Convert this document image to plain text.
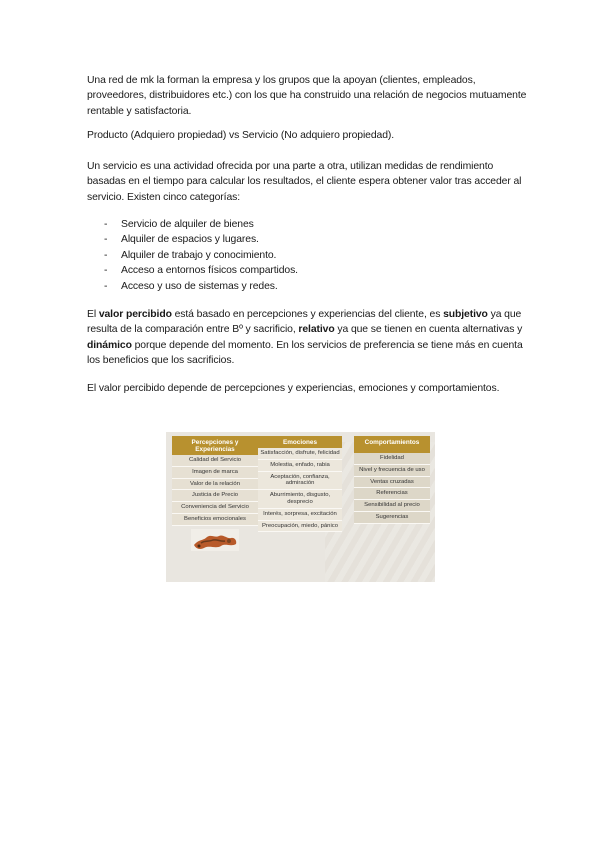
Una red de mk la forman la empresa y los grupos que la apoyan (clientes, empleados, proveedores, distribuidores etc.) con los que ha construido una relación de negocios mutuamente rentable y satisfactoria.

Producto (Adquiero propiedad) vs Servicio (No adquiero propiedad).

Un servicio es una actividad ofrecida por una parte a otra, utilizan medidas de rendimiento basadas en el tiempo para calcular los resultados, el cliente espera obtener valor tras acceder al servicio. Existen cinco categorías:

- Servicio de alquiler de bienes
- Alquiler de espacios y lugares.
- Alquiler de trabajo y conocimiento.
- Acceso a entornos físicos compartidos.
- Acceso y uso de sistemas y redes.

El valor percibido está basado en percepciones y experiencias del cliente, es subjetivo ya que resulta de la comparación entre Bº y sacrificio, relativo ya que se tienen en cuenta alternativas y dinámico porque depende del momento. En los servicios de preferencia se tiene más en cuenta los beneficios que los sacrificios.

El valor percibido depende de percepciones y experiencias, emociones y comportamientos.

Percepciones y Experiencias
Calidad del Servicio
Imagen de marca
Valor de la relación
Justicia de Precio
Conveniencia del Servicio
Beneficios emocionales
Emociones
Satisfacción, disfrute, felicidad
Molestia, enfado, rabia
Aceptación, confianza, admiración
Aburrimiento, disgusto, desprecio
Interés, sorpresa, excitación
Preocupación, miedo, pánico
Comportamientos
Fidelidad
Nivel y frecuencia de uso
Ventas cruzadas
Referencias
Sensibilidad al precio
Sugerencias
